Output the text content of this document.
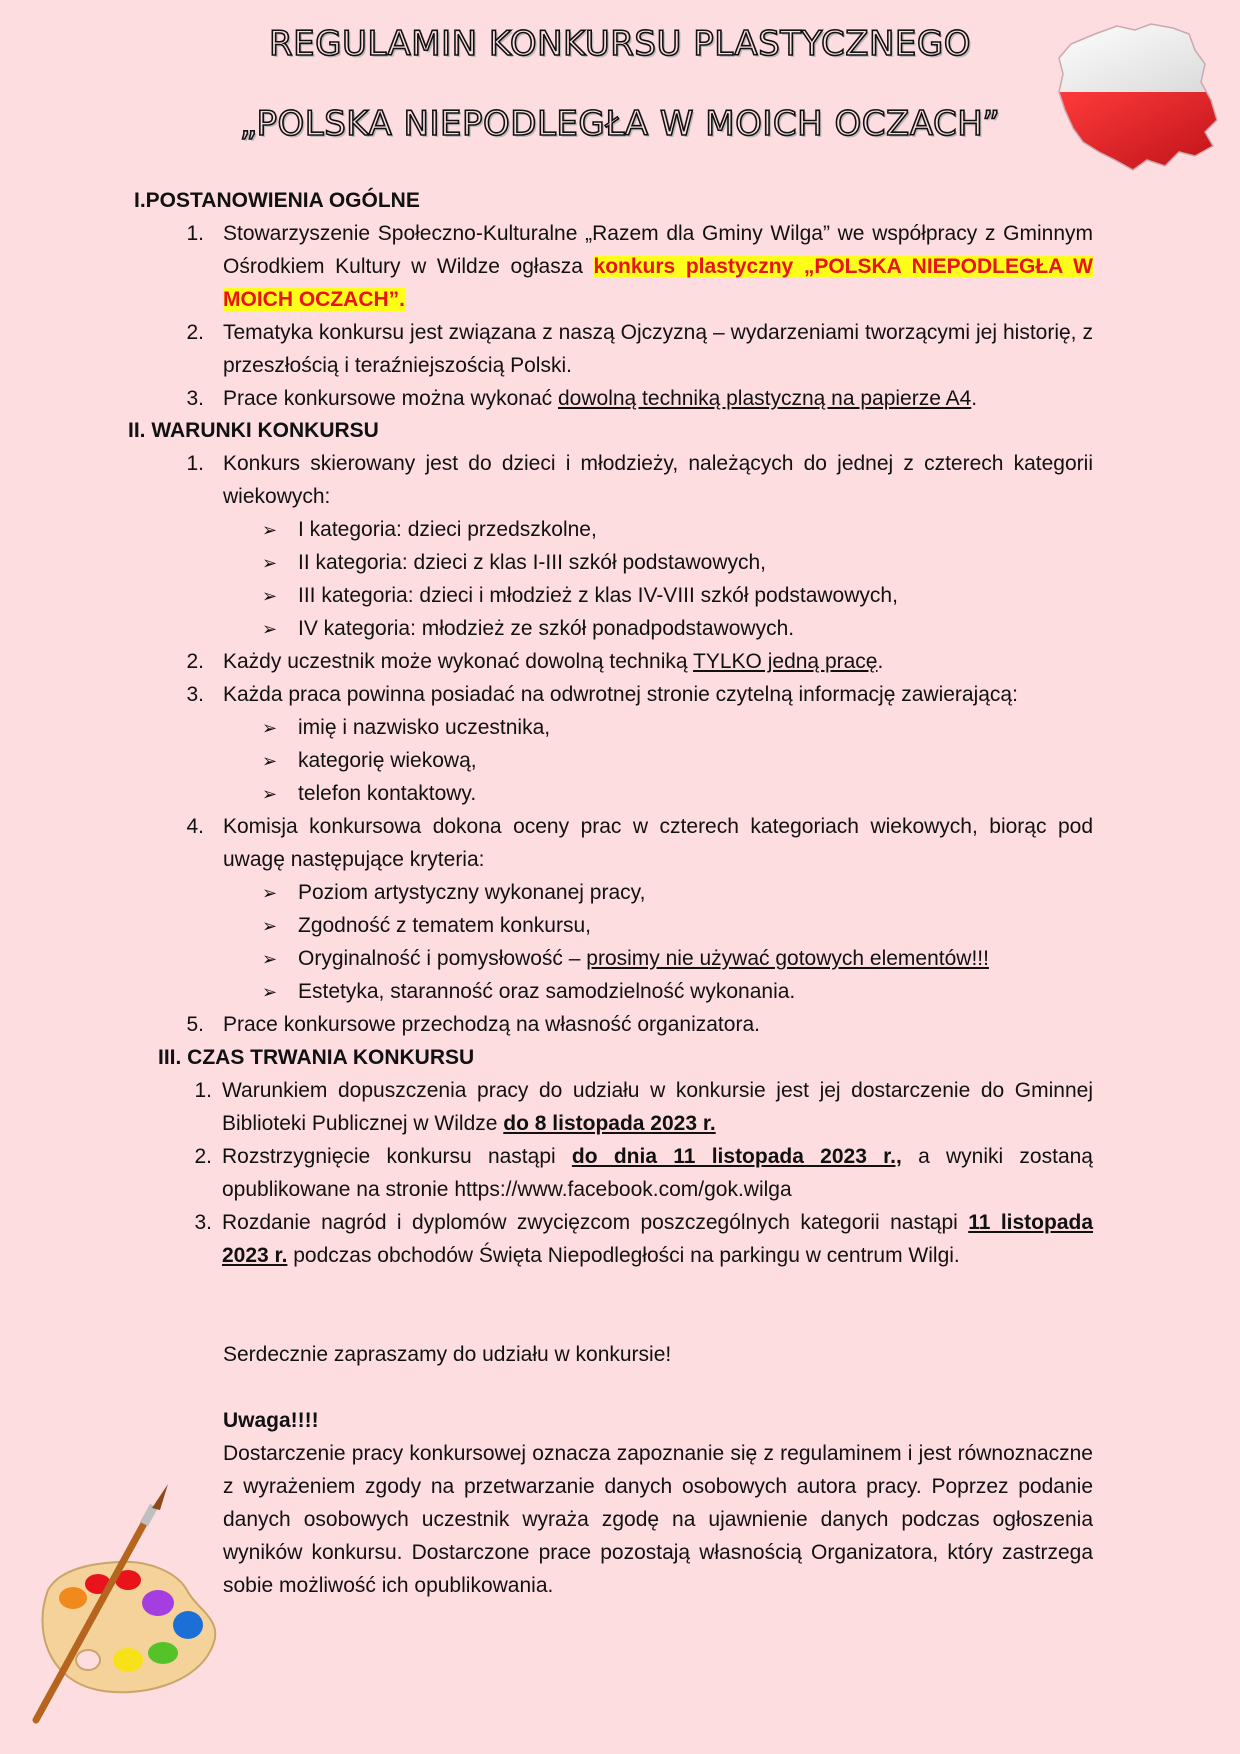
REGULAMIN KONKURSU PLASTYCZNEGO
„POLSKA NIEPODLEGŁA W MOICH OCZACH”
I.POSTANOWIENIA OGÓLNE
1. Stowarzyszenie Społeczno-Kulturalne „Razem dla Gminy Wilga” we współpracy z Gminnym Ośrodkiem Kultury w Wildze ogłasza konkurs plastyczny „POLSKA NIEPODLEGŁA W MOICH OCZACH”.
2. Tematyka konkursu jest związana z naszą Ojczyzną – wydarzeniami tworzącymi jej historię, z przeszłością i teraźniejszością Polski.
3. Prace konkursowe można wykonać dowolną techniką plastyczną na papierze A4.
II. WARUNKI KONKURSU
1. Konkurs skierowany jest do dzieci i młodzieży, należących do jednej z czterech kategorii wiekowych:
➢ I kategoria: dzieci przedszkolne,
➢ II kategoria: dzieci z klas I-III szkół podstawowych,
➢ III kategoria: dzieci i młodzież z klas IV-VIII szkół podstawowych,
➢ IV kategoria: młodzież ze szkół ponadpodstawowych.
2. Każdy uczestnik może wykonać dowolną techniką TYLKO jedną pracę.
3. Każda praca powinna posiadać na odwrotnej stronie czytelną informację zawierającą:
➢ imię i nazwisko uczestnika,
➢ kategorię wiekową,
➢ telefon kontaktowy.
4. Komisja konkursowa dokona oceny prac w czterech kategoriach wiekowych, biorąc pod uwagę następujące kryteria:
➢ Poziom artystyczny wykonanej pracy,
➢ Zgodność z tematem konkursu,
➢ Oryginalność i pomysłowość – prosimy nie używać gotowych elementów!!!
➢ Estetyka, staranność oraz samodzielność wykonania.
5. Prace konkursowe przechodzą na własność organizatora.
III. CZAS TRWANIA KONKURSU
1. Warunkiem dopuszczenia pracy do udziału w konkursie jest jej dostarczenie do Gminnej Biblioteki Publicznej w Wildze do 8 listopada 2023 r.
2. Rozstrzygnięcie konkursu nastąpi do dnia 11 listopada 2023 r., a wyniki zostaną opublikowane na stronie https://www.facebook.com/gok.wilga
3. Rozdanie nagród i dyplomów zwycięzcom poszczególnych kategorii nastąpi 11 listopada 2023 r. podczas obchodów Święta Niepodległości na parkingu w centrum Wilgi.
Serdecznie zapraszamy do udziału w konkursie!
Uwaga!!!!
Dostarczenie pracy konkursowej oznacza zapoznanie się z regulaminem i jest równoznaczne z wyrażeniem zgody na przetwarzanie danych osobowych autora pracy. Poprzez podanie danych osobowych uczestnik wyraża zgodę na ujawnienie danych podczas ogłoszenia wyników konkursu. Dostarczone prace pozostają własnością Organizatora, który zastrzega sobie możliwość ich opublikowania.
